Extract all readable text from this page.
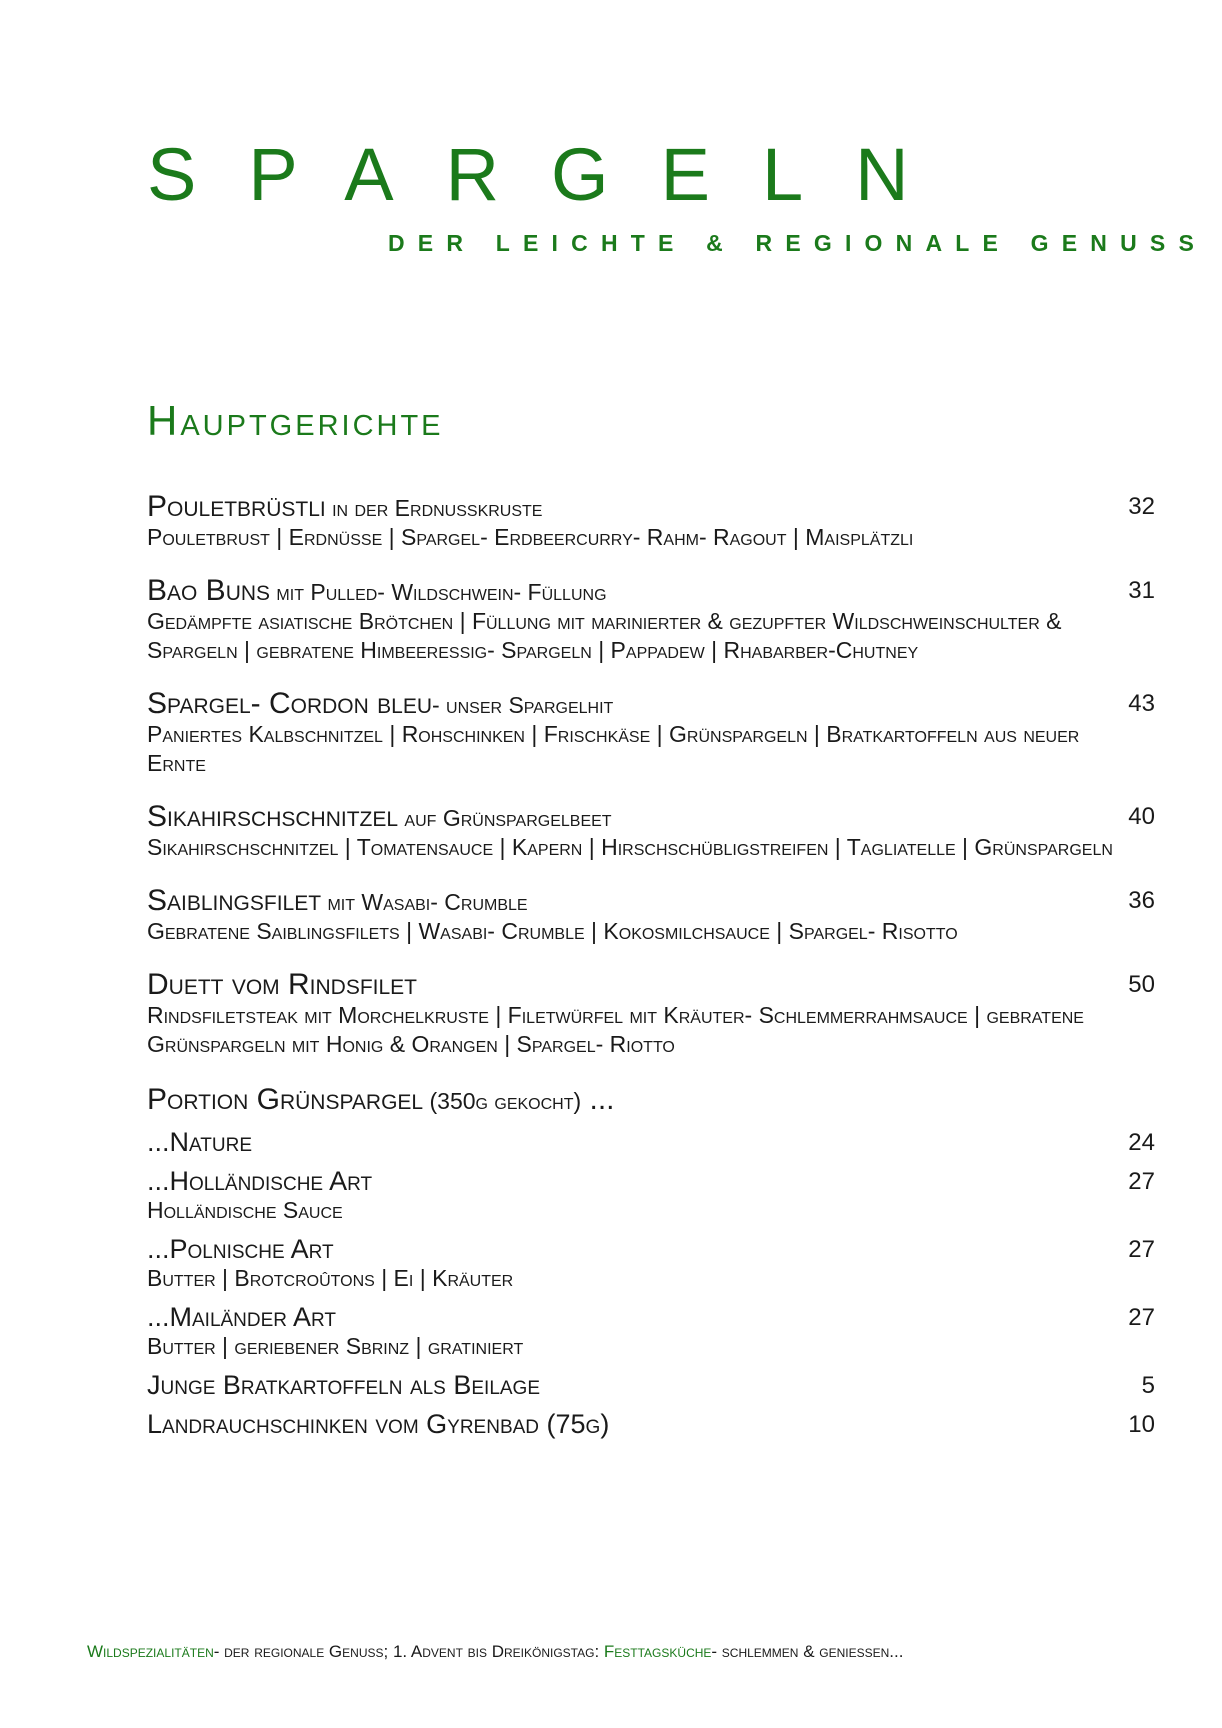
SPARGELN
DER LEICHTE & REGIONALE GENUSS
Hauptgerichte
Pouletbrüstli in der Erdnusskruste	32
Pouletbrust | Erdnüsse | Spargel- Erdbeercurry- Rahm- Ragout | Maisplätzli
Bao Buns mit Pulled- Wildschwein- Füllung	31
Gedämpfte asiatische Brötchen | Füllung mit marinierter & gezupfter Wildschweinschulter & Spargeln | gebratene Himbeeressig- Spargeln | Pappadew | Rhabarber-Chutney
Spargel- Cordon bleu- unser Spargelhit	43
Paniertes Kalbschnitzel | Rohschinken | Frischkäse | Grünspargeln | Bratkartoffeln aus neuer Ernte
Sikahirschschnitzel auf Grünspargelbeet	40
Sikahirschschnitzel | Tomatensauce | Kapern | Hirschschübligstreifen | Tagliatelle | Grünspargeln
Saiblingsfilet mit Wasabi- Crumble	36
Gebratene Saiblingsfilets | Wasabi- Crumble | Kokosmilchsauce | Spargel- Risotto
Duett vom Rindsfilet	50
Rindsfiletsteak mit Morchelkruste | Filetwürfel mit Kräuter- Schlemmerrahmsauce | gebratene Grünspargeln mit Honig & Orangen | Spargel- Riotto
Portion Grünspargel (350g gekocht) ...
...Nature	24
...Holländische Art	27
Holländische Sauce
...Polnische Art	27
Butter | Brotcroûtons | Ei | Kräuter
...Mailänder Art	27
Butter | geriebener Sbrinz | gratiniert
Junge Bratkartoffeln als Beilage	5
Landrauchschinken vom Gyrenbad (75g)	10
Wildspezialitäten- der regionale Genuss; 1. Advent bis Dreikönigstag: Festtagsküche- schlemmen & geniessen...
